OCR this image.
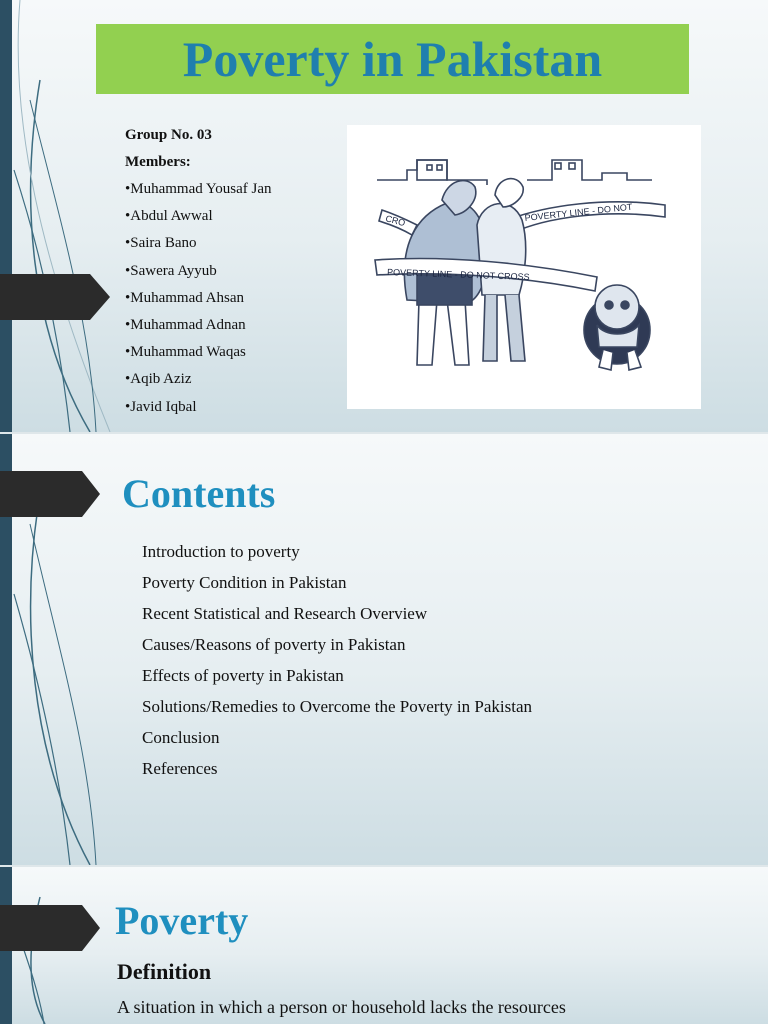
Poverty in Pakistan
Group No. 03
Members:
•Muhammad Yousaf Jan
•Abdul Awwal
•Saira Bano
•Sawera Ayyub
•Muhammad Ahsan
•Muhammad Adnan
•Muhammad Waqas
•Aqib Aziz
•Javid Iqbal
POVERTY LINE - DO NOT CROSS
POVERTY LINE - DO NOT
CRO
Contents
Introduction to poverty
Poverty Condition in Pakistan
Recent Statistical and Research Overview
Causes/Reasons of poverty in Pakistan
Effects of poverty in Pakistan
Solutions/Remedies to Overcome the Poverty in Pakistan
Conclusion
References
Poverty
Definition

A situation in which a person or household lacks the resources
